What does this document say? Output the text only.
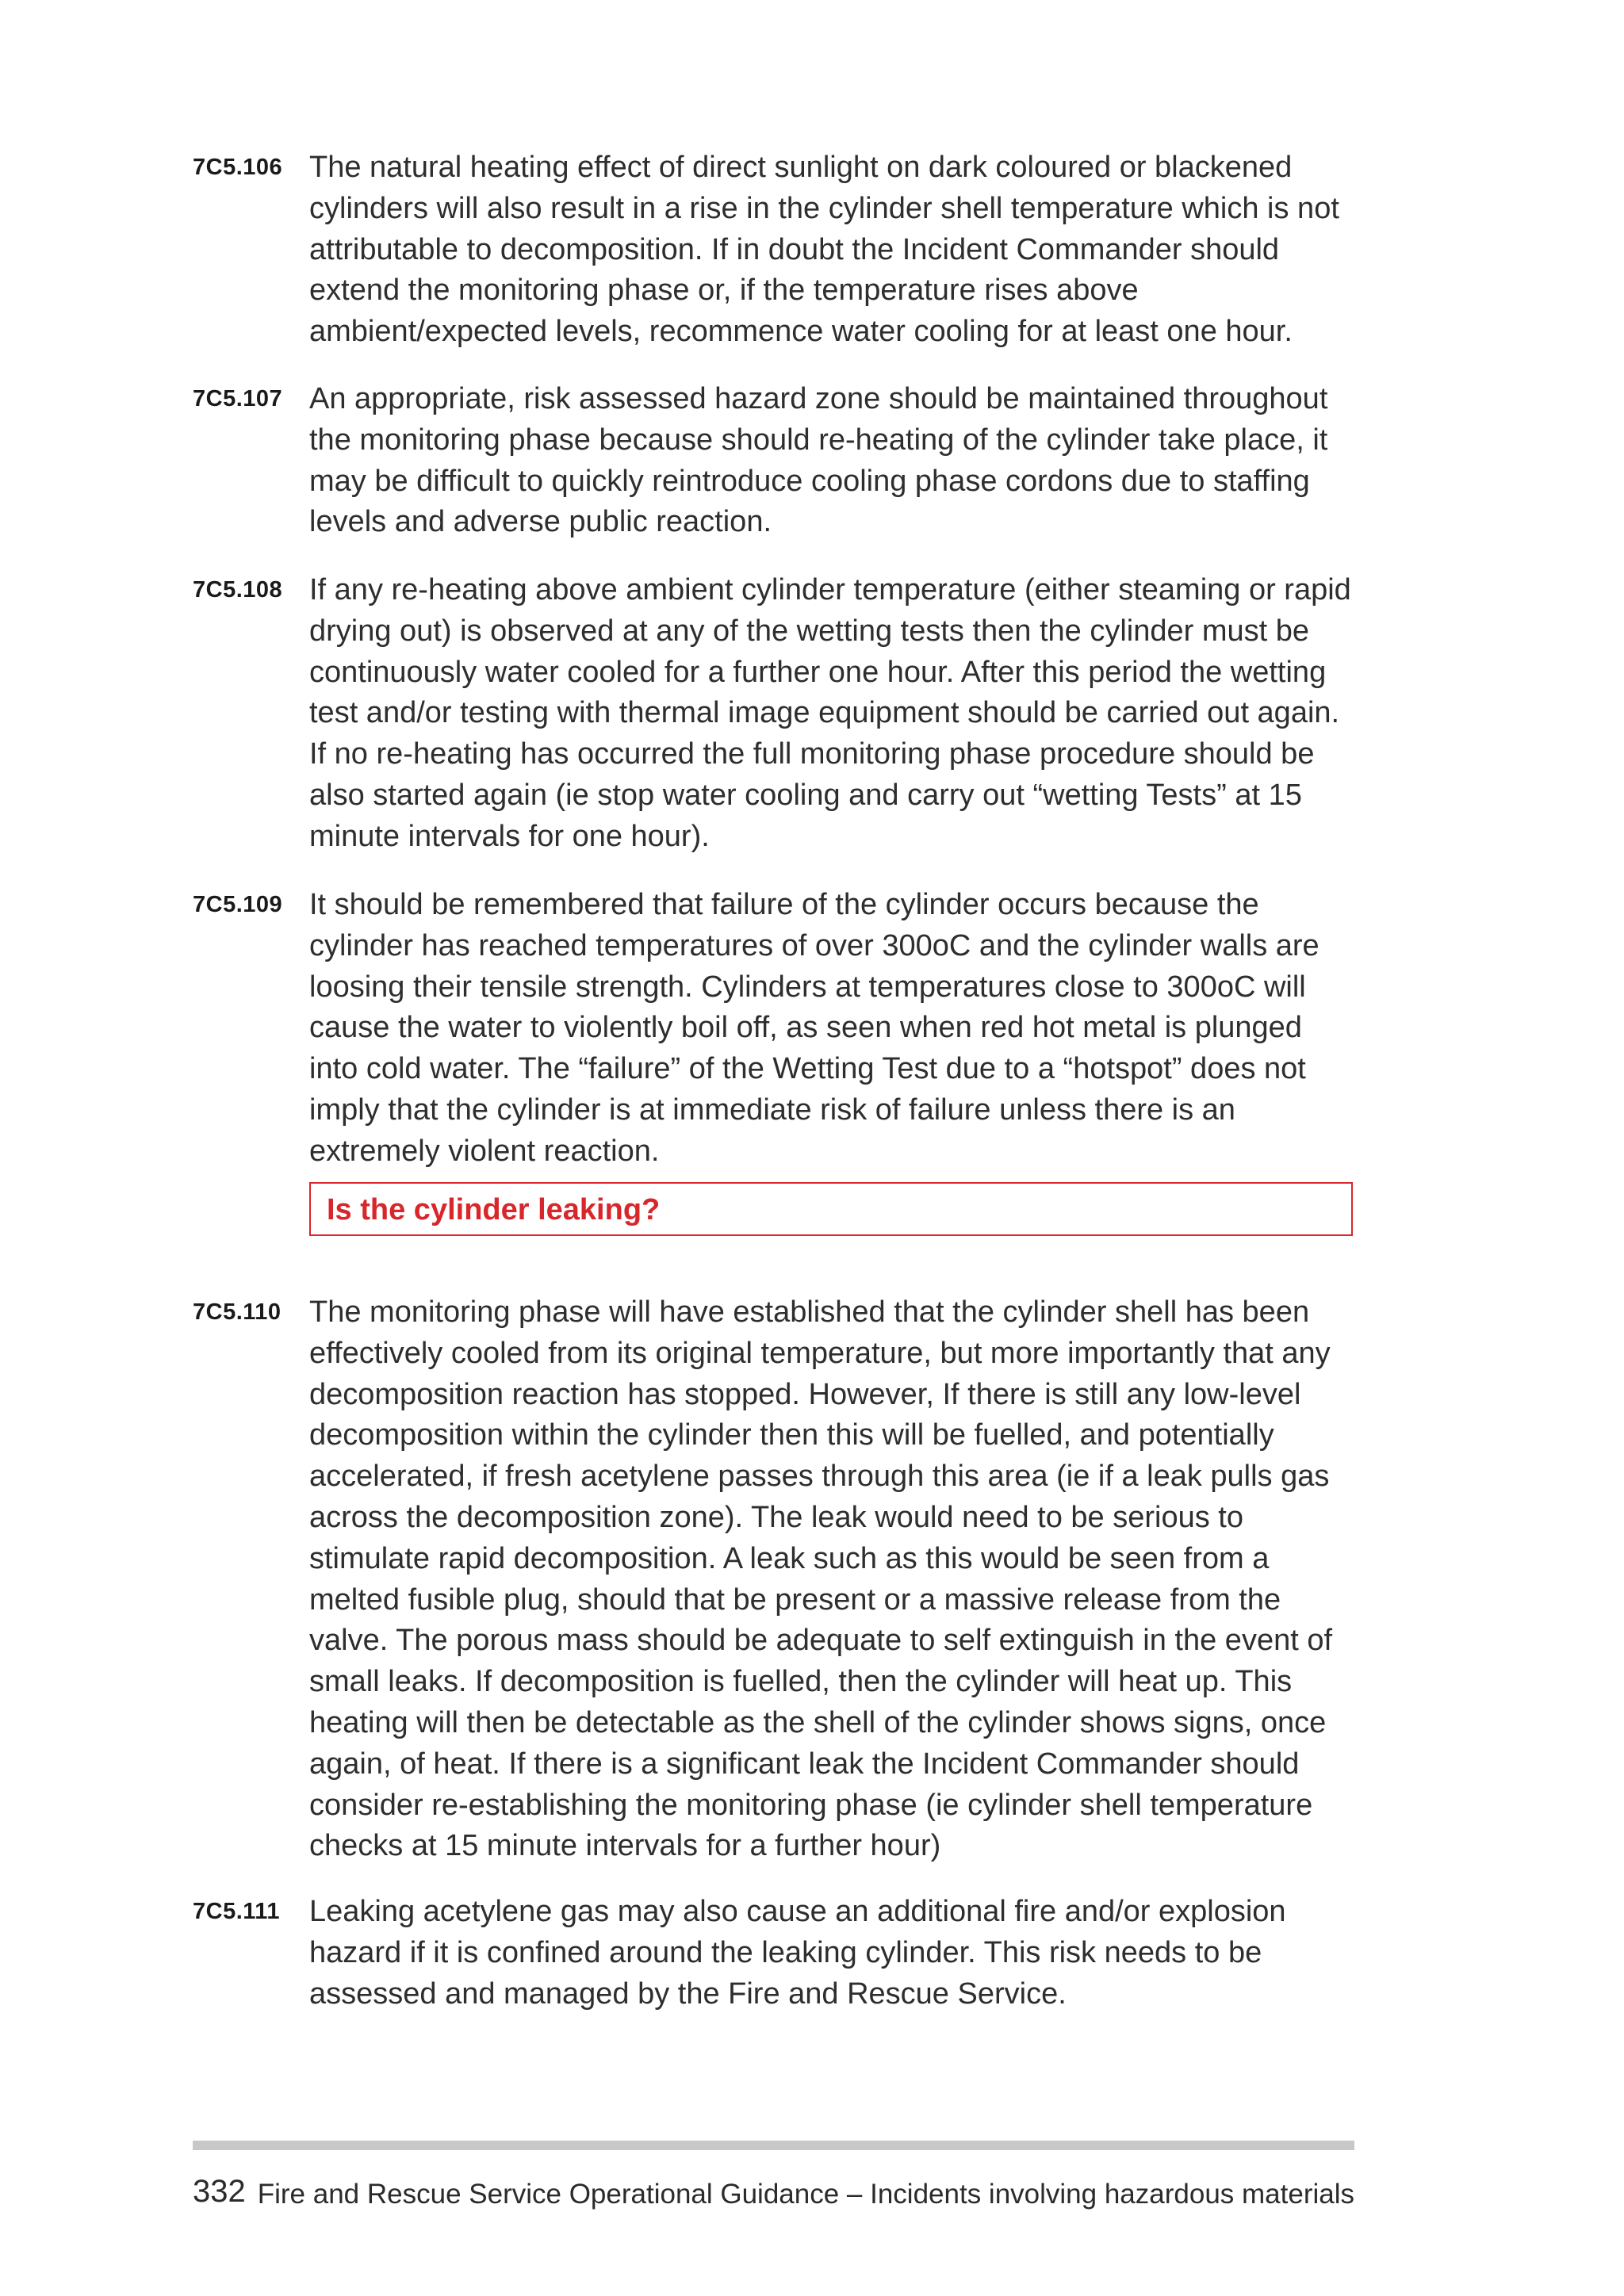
7C5.106 The natural heating effect of direct sunlight on dark coloured or blackened cylinders will also result in a rise in the cylinder shell temperature which is not attributable to decomposition. If in doubt the Incident Commander should extend the monitoring phase or, if the temperature rises above ambient/expected levels, recommence water cooling for at least one hour.

7C5.107 An appropriate, risk assessed hazard zone should be maintained throughout the monitoring phase because should re-heating of the cylinder take place, it may be difficult to quickly reintroduce cooling phase cordons due to staffing levels and adverse public reaction.

7C5.108 If any re-heating above ambient cylinder temperature (either steaming or rapid drying out) is observed at any of the wetting tests then the cylinder must be continuously water cooled for a further one hour. After this period the wetting test and/or testing with thermal image equipment should be carried out again. If no re-heating has occurred the full monitoring phase procedure should be also started again (ie stop water cooling and carry out “wetting Tests” at 15 minute intervals for one hour).

7C5.109 It should be remembered that failure of the cylinder occurs because the cylinder has reached temperatures of over 300oC and the cylinder walls are loosing their tensile strength. Cylinders at temperatures close to 300oC will cause the water to violently boil off, as seen when red hot metal is plunged into cold water. The “failure” of the Wetting Test due to a “hotspot” does not imply that the cylinder is at immediate risk of failure unless there is an extremely violent reaction.

Is the cylinder leaking?
7C5.110 The monitoring phase will have established that the cylinder shell has been effectively cooled from its original temperature, but more importantly that any decomposition reaction has stopped. However, If there is still any low-level decomposition within the cylinder then this will be fuelled, and potentially accelerated, if fresh acetylene passes through this area (ie if a leak pulls gas across the decomposition zone). The leak would need to be serious to stimulate rapid decomposition. A leak such as this would be seen from a melted fusible plug, should that be present or a massive release from the valve. The porous mass should be adequate to self extinguish in the event of small leaks. If decomposition is fuelled, then the cylinder will heat up. This heating will then be detectable as the shell of the cylinder shows signs, once again, of heat. If there is a significant leak the Incident Commander should consider re-establishing the monitoring phase (ie cylinder shell temperature checks at 15 minute intervals for a further hour)

7C5.111 Leaking acetylene gas may also cause an additional fire and/or explosion hazard if it is confined around the leaking cylinder. This risk needs to be assessed and managed by the Fire and Rescue Service.

332 Fire and Rescue Service Operational Guidance – Incidents involving hazardous materials
